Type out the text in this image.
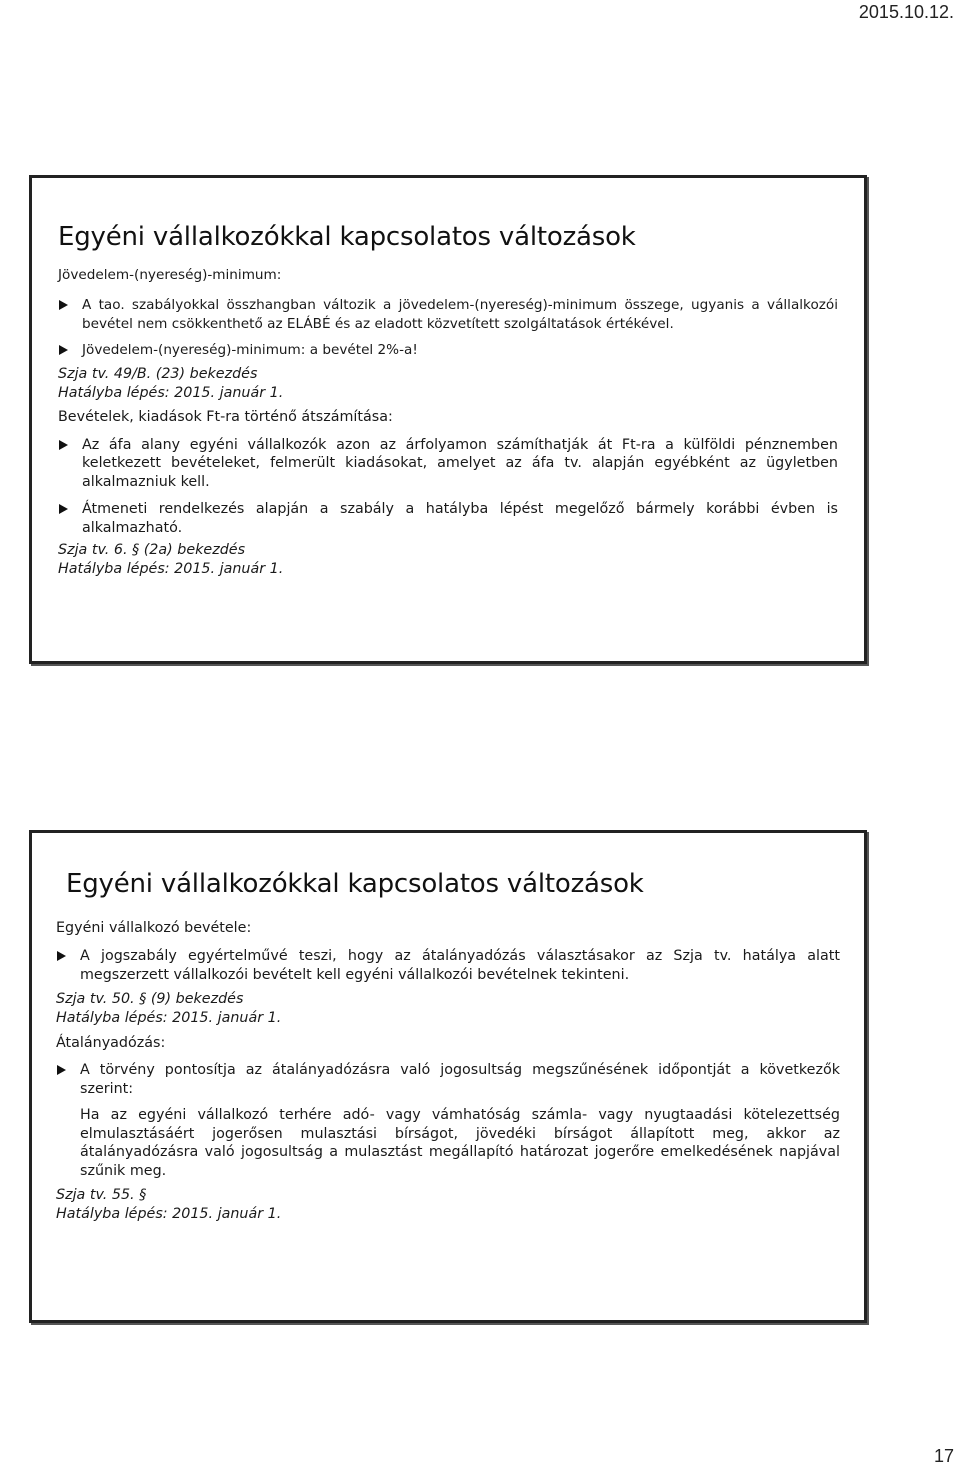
2015.10.12.
Egyéni vállalkozókkal kapcsolatos változások

Jövedelem-(nyereség)-minimum:

A tao. szabályokkal összhangban változik a jövedelem-(nyereség)-minimum összege, ugyanis a vállalkozói bevétel nem csökkenthető az ELÁBÉ és az eladott közvetített szolgáltatások értékével.

Jövedelem-(nyereség)-minimum: a bevétel 2%-a!

Szja tv. 49/B. (23) bekezdés

Hatályba lépés: 2015. január 1.

Bevételek, kiadások Ft-ra történő átszámítása:

Az áfa alany egyéni vállalkozók azon az árfolyamon számíthatják át Ft-ra a külföldi pénznemben keletkezett bevételeket, felmerült kiadásokat, amelyet az áfa tv. alapján egyébként az ügyletben alkalmazniuk kell.

Átmeneti rendelkezés alapján a szabály a hatályba lépést megelőző bármely korábbi évben is alkalmazható.

Szja tv. 6. § (2a) bekezdés

Hatályba lépés: 2015. január 1.

Egyéni vállalkozókkal kapcsolatos változások

Egyéni vállalkozó bevétele:

A jogszabály egyértelművé teszi, hogy az átalányadózás választásakor az Szja tv. hatálya alatt megszerzett vállalkozói bevételt kell egyéni vállalkozói bevételnek tekinteni.

Szja tv. 50. § (9) bekezdés

Hatályba lépés: 2015. január 1.

Átalányadózás:

A törvény pontosítja az átalányadózásra való jogosultság megszűnésének időpontját a következők szerint:

Ha az egyéni vállalkozó terhére adó- vagy vámhatóság számla- vagy nyugtaadási kötelezettség elmulasztásáért jogerősen mulasztási bírságot, jövedéki bírságot állapított meg, akkor az átalányadózásra való jogosultság a mulasztást megállapító határozat jogerőre emelkedésének napjával szűnik meg.

Szja tv. 55. §

Hatályba lépés: 2015. január 1.

17
